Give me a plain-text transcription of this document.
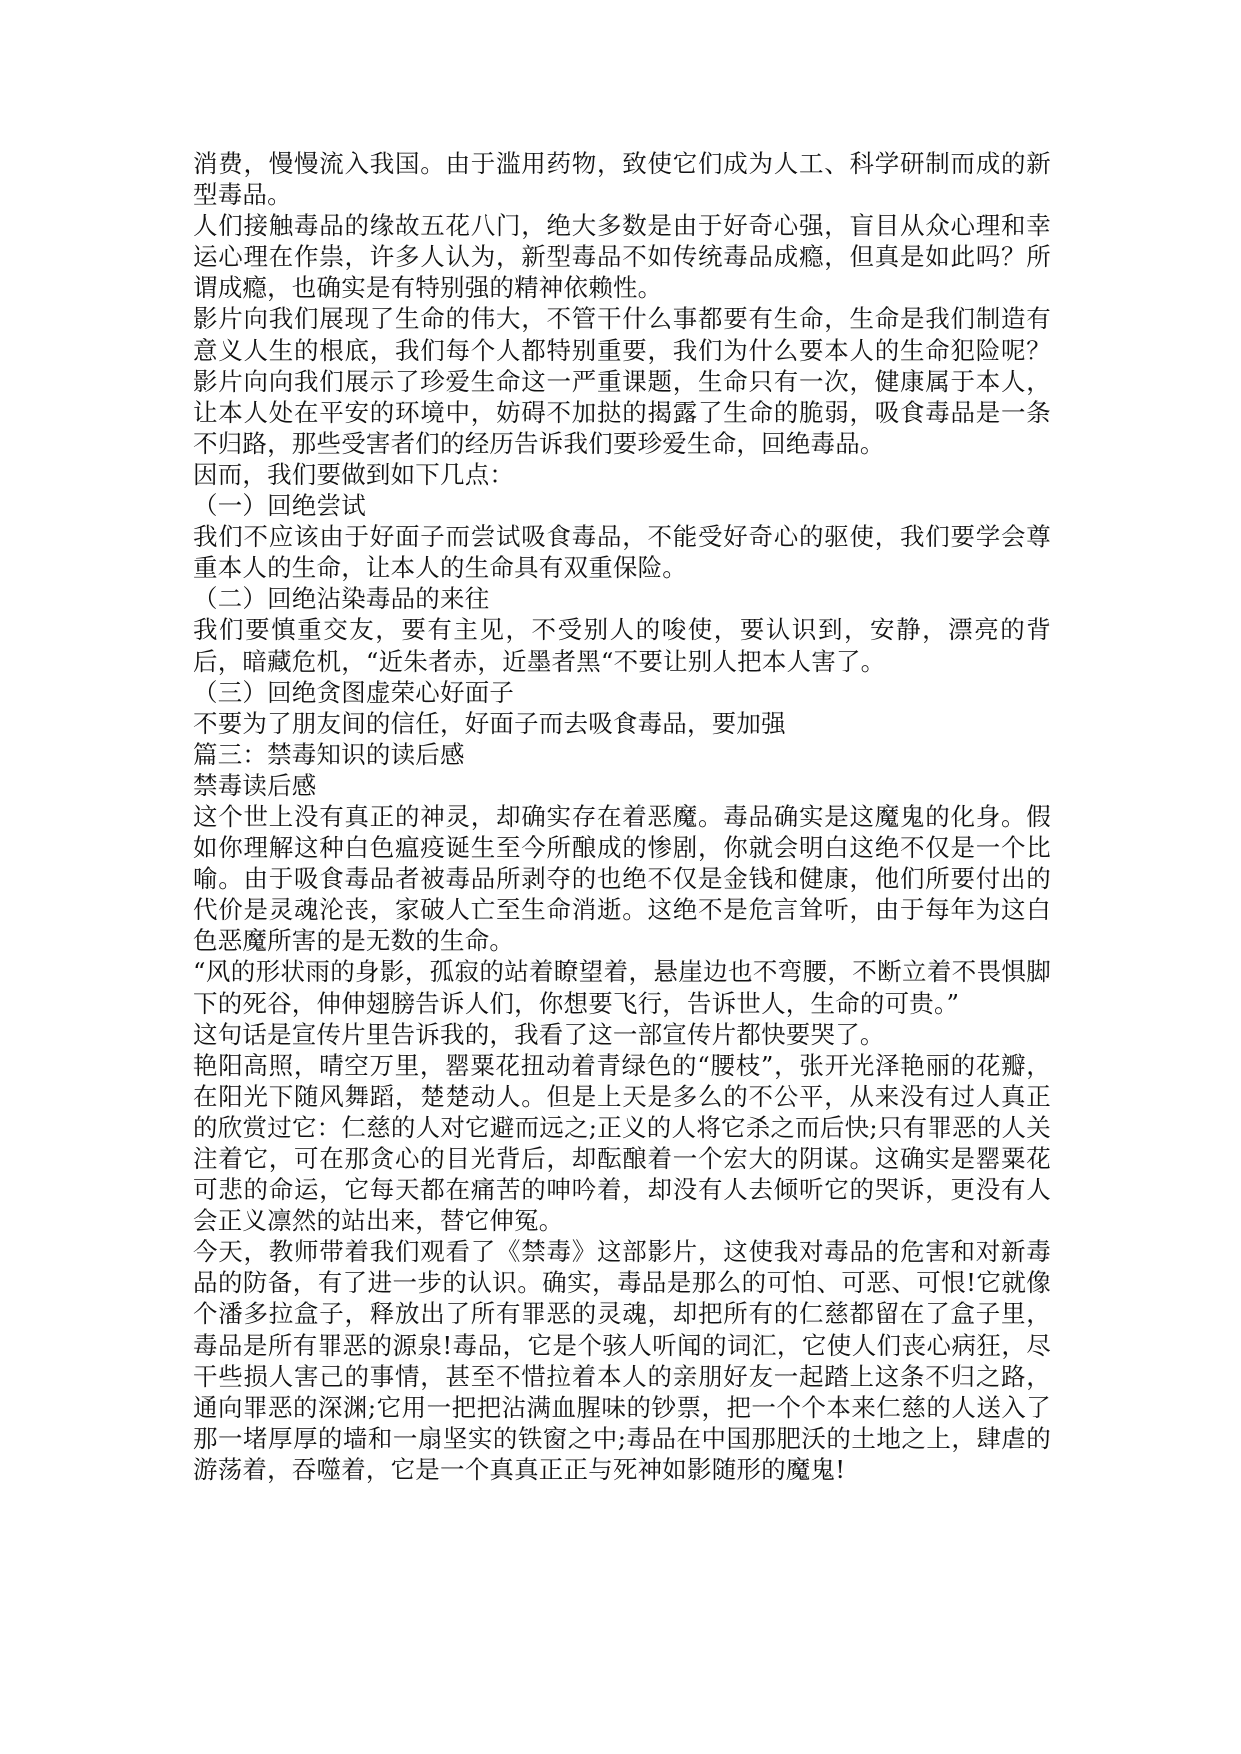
消费，慢慢流入我国。由于滥用药物，致使它们成为人工、科学研制而成的新型毒品。

人们接触毒品的缘故五花八门，绝大多数是由于好奇心强，盲目从众心理和幸运心理在作祟，许多人认为，新型毒品不如传统毒品成瘾，但真是如此吗？所谓成瘾，也确实是有特别强的精神依赖性。

影片向我们展现了生命的伟大，不管干什么事都要有生命，生命是我们制造有意义人生的根底，我们每个人都特别重要，我们为什么要本人的生命犯险呢？影片向向我们展示了珍爱生命这一严重课题，生命只有一次，健康属于本人，让本人处在平安的环境中，妨碍不加挞的揭露了生命的脆弱，吸食毒品是一条不归路，那些受害者们的经历告诉我们要珍爱生命，回绝毒品。

因而，我们要做到如下几点：

（一）回绝尝试

我们不应该由于好面子而尝试吸食毒品，不能受好奇心的驱使，我们要学会尊重本人的生命，让本人的生命具有双重保险。

（二）回绝沾染毒品的来往

我们要慎重交友，要有主见，不受别人的唆使，要认识到，安静，漂亮的背后，暗藏危机，“近朱者赤，近墨者黑“不要让别人把本人害了。

（三）回绝贪图虚荣心好面子

不要为了朋友间的信任，好面子而去吸食毒品，要加强

篇三：禁毒知识的读后感

禁毒读后感

这个世上没有真正的神灵，却确实存在着恶魔。毒品确实是这魔鬼的化身。假如你理解这种白色瘟疫诞生至今所酿成的惨剧，你就会明白这绝不仅是一个比喻。由于吸食毒品者被毒品所剥夺的也绝不仅是金钱和健康，他们所要付出的代价是灵魂沦丧，家破人亡至生命消逝。这绝不是危言耸听，由于每年为这白色恶魔所害的是无数的生命。

“风的形状雨的身影，孤寂的站着瞭望着，悬崖边也不弯腰，不断立着不畏惧脚下的死谷，伸伸翅膀告诉人们，你想要飞行，告诉世人，生命的可贵。”

这句话是宣传片里告诉我的，我看了这一部宣传片都快要哭了。

艳阳高照，晴空万里，罂粟花扭动着青绿色的“腰枝”，张开光泽艳丽的花瓣，在阳光下随风舞蹈，楚楚动人。但是上天是多么的不公平，从来没有过人真正的欣赏过它：仁慈的人对它避而远之;正义的人将它杀之而后快;只有罪恶的人关注着它，可在那贪心的目光背后，却酝酿着一个宏大的阴谋。这确实是罂粟花可悲的命运，它每天都在痛苦的呻吟着，却没有人去倾听它的哭诉，更没有人会正义凛然的站出来，替它伸冤。

今天，教师带着我们观看了《禁毒》这部影片，这使我对毒品的危害和对新毒品的防备，有了进一步的认识。确实，毒品是那么的可怕、可恶、可恨!它就像个潘多拉盒子，释放出了所有罪恶的灵魂，却把所有的仁慈都留在了盒子里，毒品是所有罪恶的源泉!毒品，它是个骇人听闻的词汇，它使人们丧心病狂，尽干些损人害己的事情，甚至不惜拉着本人的亲朋好友一起踏上这条不归之路，通向罪恶的深渊;它用一把把沾满血腥味的钞票，把一个个本来仁慈的人送入了那一堵厚厚的墙和一扇坚实的铁窗之中;毒品在中国那肥沃的土地之上，肆虐的游荡着，吞噬着，它是一个真真正正与死神如影随形的魔鬼!
